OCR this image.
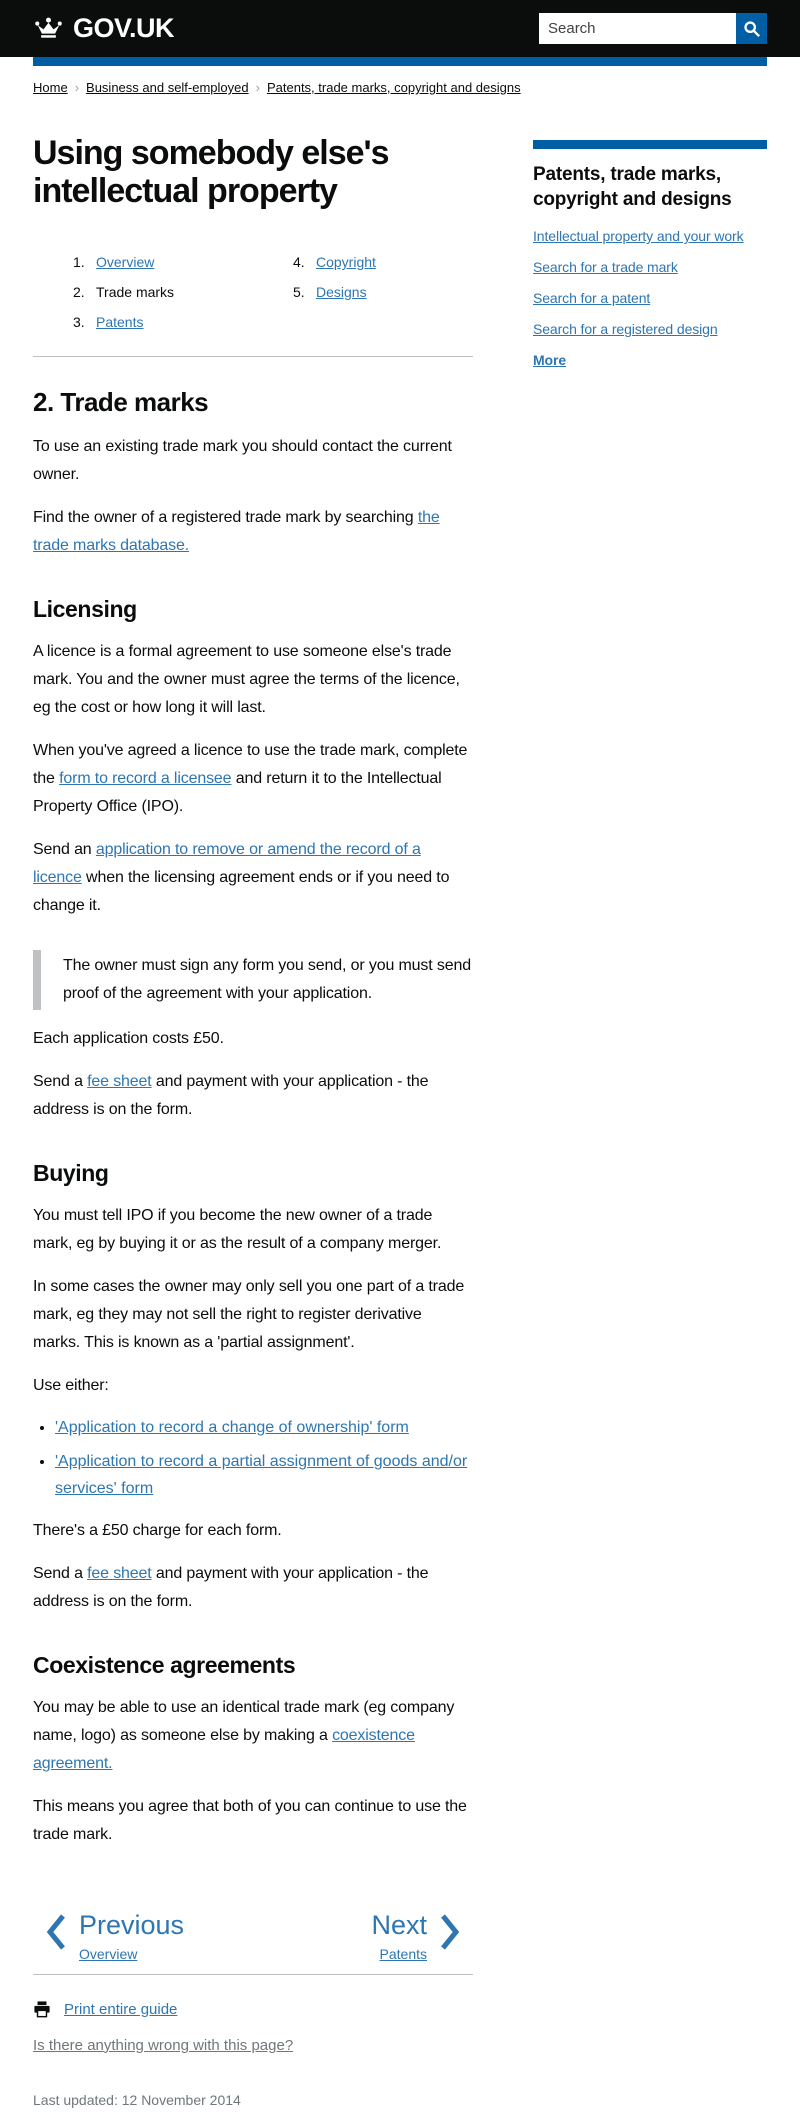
GOV.UK
Search
Home › Business and self-employed › Patents, trade marks, copyright and designs
Using somebody else's intellectual property
1. Overview
2. Trade marks
3. Patents
4. Copyright
5. Designs
2. Trade marks

To use an existing trade mark you should contact the current owner.

Find the owner of a registered trade mark by searching the trade marks database.

Licensing

A licence is a formal agreement to use someone else's trade mark. You and the owner must agree the terms of the licence, eg the cost or how long it will last.

When you've agreed a licence to use the trade mark, complete the form to record a licensee and return it to the Intellectual Property Office (IPO).

Send an application to remove or amend the record of a licence when the licensing agreement ends or if you need to change it.

The owner must sign any form you send, or you must send proof of the agreement with your application.

Each application costs £50.

Send a fee sheet and payment with your application - the address is on the form.

Buying

You must tell IPO if you become the new owner of a trade mark, eg by buying it or as the result of a company merger.

In some cases the owner may only sell you one part of a trade mark, eg they may not sell the right to register derivative marks. This is known as a 'partial assignment'.

Use either:

• 'Application to record a change of ownership' form
• 'Application to record a partial assignment of goods and/or services' form

There's a £50 charge for each form.

Send a fee sheet and payment with your application - the address is on the form.

Coexistence agreements

You may be able to use an identical trade mark (eg company name, logo) as someone else by making a coexistence agreement.

This means you agree that both of you can continue to use the trade mark.

Previous
Overview
Next
Patents
Print entire guide
Is there anything wrong with this page?
Last updated: 12 November 2014
Patents, trade marks, copyright and designs
Intellectual property and your work
Search for a trade mark
Search for a patent
Search for a registered design
More
